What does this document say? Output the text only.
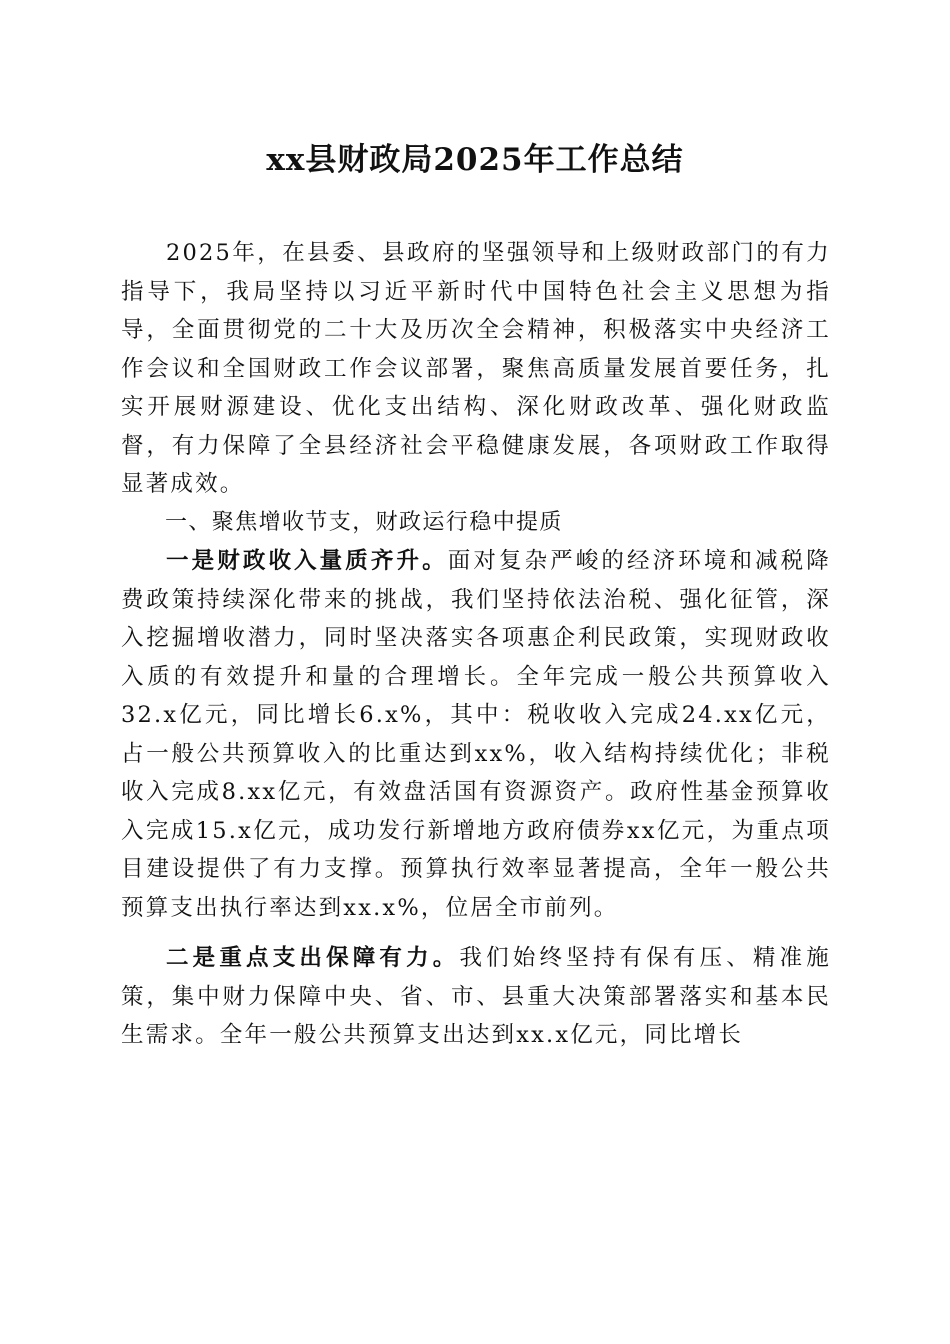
xx县财政局2025年工作总结

2025年，在县委、县政府的坚强领导和上级财政部门的有力指导下，我局坚持以习近平新时代中国特色社会主义思想为指导，全面贯彻党的二十大及历次全会精神，积极落实中央经济工作会议和全国财政工作会议部署，聚焦高质量发展首要任务，扎实开展财源建设、优化支出结构、深化财政改革、强化财政监督，有力保障了全县经济社会平稳健康发展，各项财政工作取得显著成效。

一、聚焦增收节支，财政运行稳中提质

一是财政收入量质齐升。面对复杂严峻的经济环境和减税降费政策持续深化带来的挑战，我们坚持依法治税、强化征管，深入挖掘增收潜力，同时坚决落实各项惠企利民政策，实现财政收入质的有效提升和量的合理增长。全年完成一般公共预算收入32.x亿元，同比增长6.x%，其中：税收收入完成24.xx亿元，占一般公共预算收入的比重达到xx%，收入结构持续优化；非税收入完成8.xx亿元，有效盘活国有资源资产。政府性基金预算收入完成15.x亿元，成功发行新增地方政府债券xx亿元，为重点项目建设提供了有力支撑。预算执行效率显著提高，全年一般公共预算支出执行率达到xx.x%，位居全市前列。

二是重点支出保障有力。我们始终坚持有保有压、精准施策，集中财力保障中央、省、市、县重大决策部署落实和基本民生需求。全年一般公共预算支出达到xx.x亿元，同比增长
